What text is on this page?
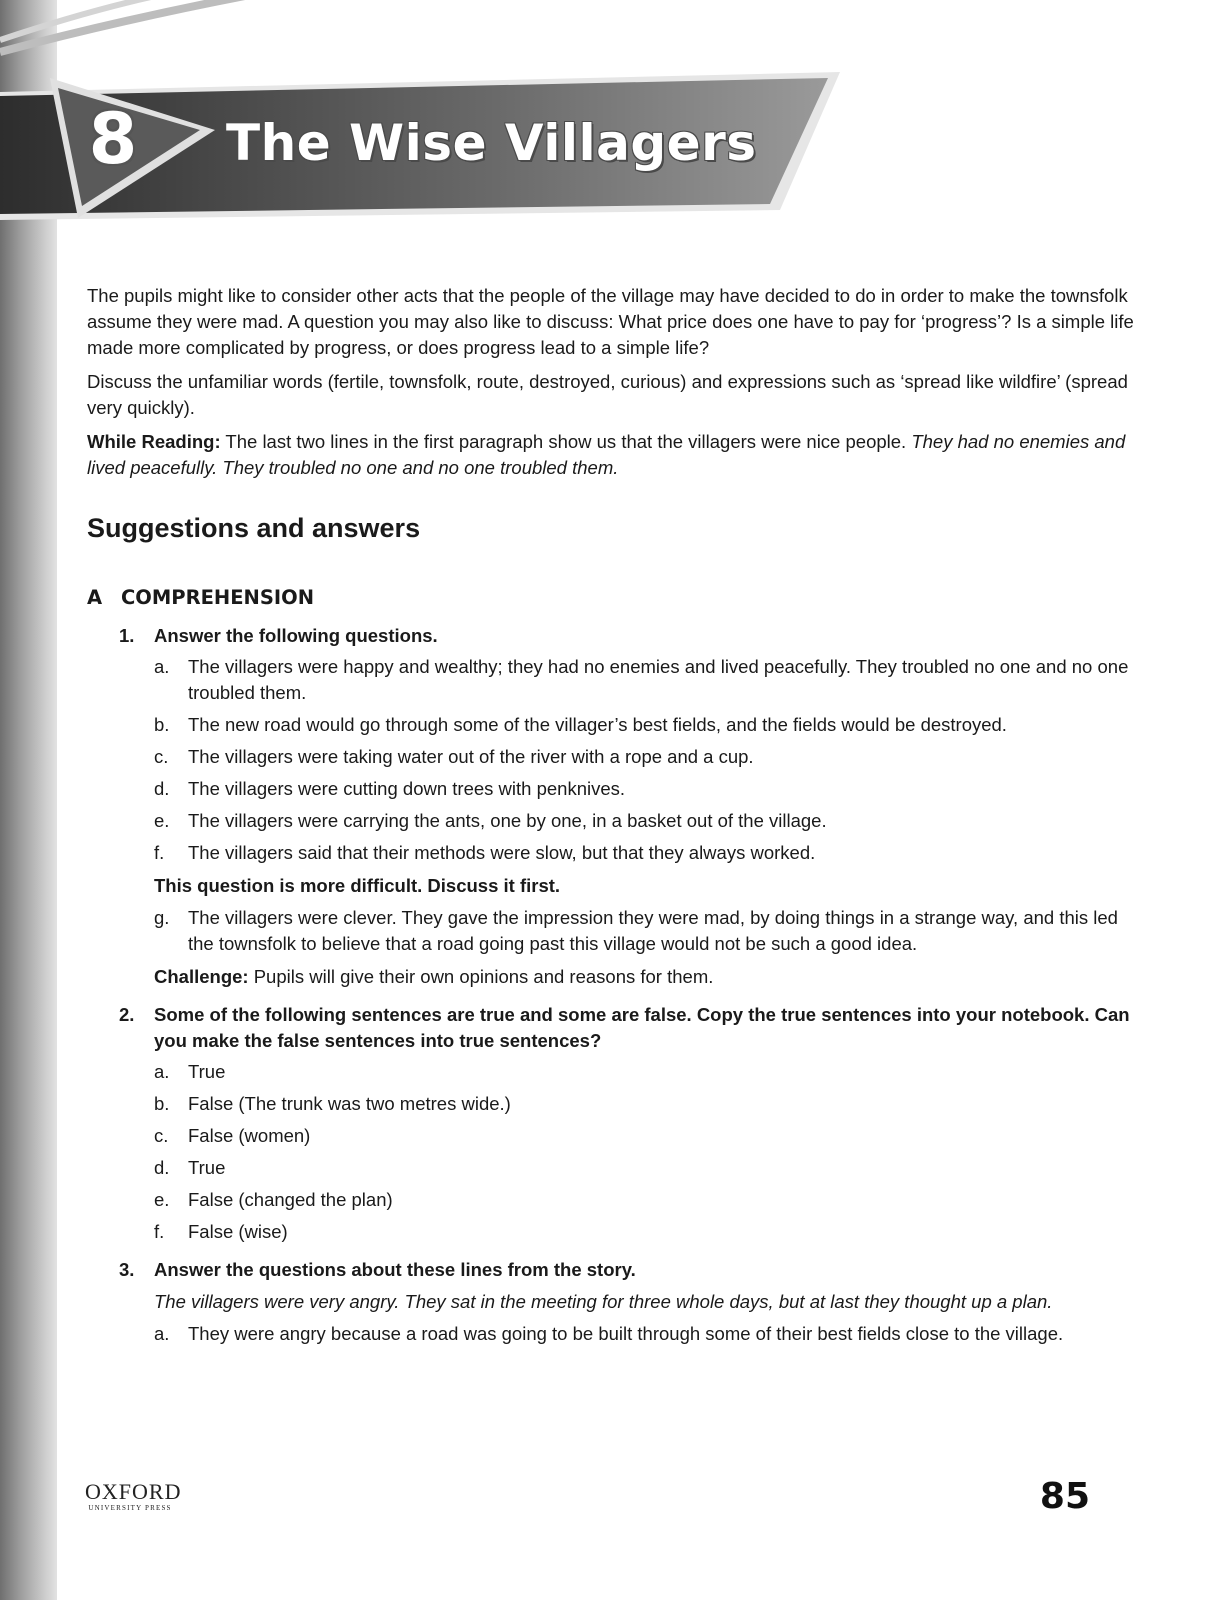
8 The Wise Villagers

The pupils might like to consider other acts that the people of the village may have decided to do in order to make the townsfolk assume they were mad. A question you may also like to discuss: What price does one have to pay for ‘progress’? Is a simple life made more complicated by progress, or does progress lead to a simple life?

Discuss the unfamiliar words (fertile, townsfolk, route, destroyed, curious) and expressions such as ‘spread like wildfire’ (spread very quickly).

While Reading: The last two lines in the first paragraph show us that the villagers were nice people. They had no enemies and lived peacefully. They troubled no one and no one troubled them.

Suggestions and answers
A COMPREHENSION

1. Answer the following questions.

a. The villagers were happy and wealthy; they had no enemies and lived peacefully. They troubled no one and no one troubled them.

b. The new road would go through some of the villager’s best fields, and the fields would be destroyed.

c. The villagers were taking water out of the river with a rope and a cup.

d. The villagers were cutting down trees with penknives.

e. The villagers were carrying the ants, one by one, in a basket out of the village.

f. The villagers said that their methods were slow, but that they always worked.

This question is more difficult. Discuss it first.

g. The villagers were clever. They gave the impression they were mad, by doing things in a strange way, and this led the townsfolk to believe that a road going past this village would not be such a good idea.

Challenge: Pupils will give their own opinions and reasons for them.

2. Some of the following sentences are true and some are false. Copy the true sentences into your notebook. Can you make the false sentences into true sentences?

a. True

b. False (The trunk was two metres wide.)

c. False (women)

d. True

e. False (changed the plan)

f. False (wise)

3. Answer the questions about these lines from the story.

The villagers were very angry. They sat in the meeting for three whole days, but at last they thought up a plan.

a. They were angry because a road was going to be built through some of their best fields close to the village.

OXFORD
UNIVERSITY PRESS	85
